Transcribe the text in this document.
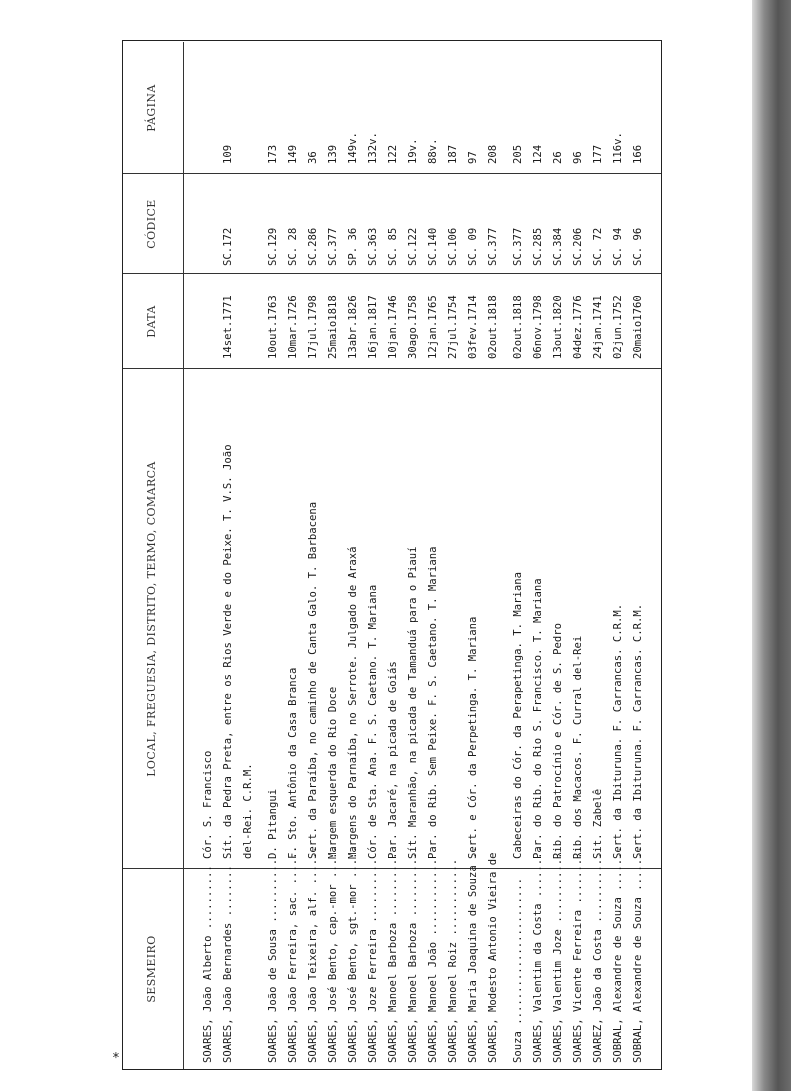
SESMEIRO
LOCAL, FREGUESIA, DISTRITO, TERMO, COMARCA
DATA
CÓDICE
PÁGINA
SOARES, João Alberto ..........
Cór. S. Francisco
SOARES, João Bernardes ........
Sít. da Pedra Preta, entre os Rios Verde e do Peixe. T. V.S. João
14set.1771
SC.172
109
del-Rei. C.R.M.
SOARES, João de Sousa ..........
D. Pitangui
10out.1763
SC.129
173
SOARES, João Ferreira, sac. ......
F. Sto. Antônio da Casa Branca
10mar.1726
SC. 28
149
SOARES, João Teixeira, alf. ......
Sert. da Paraíba, no caminho de Canta Galo. T. Barbacena
17jul.1798
SC.286
36
SOARES, José Bento, cap.-mor .....
Margem esquerda do Rio Doce
25maio1818
SC.377
139
SOARES, José Bento, sgt.-mor .....
Margens do Parnaíba, no Serrote. Julgado de Araxá
13abr.1826
SP. 36
149v.
SOARES, Joze Ferreira ..........
Cór. de Sta. Ana. F. S. Caetano. T. Mariana
16jan.1817
SC.363
132v.
SOARES, Manoel Barboza ..........
Par. Jacaré, na picada de Goiás
10jan.1746
SC. 85
122
SOARES, Manoel Barboza ..........
Sít. Maranhão, na picada de Tamanduá para o Piauí
30ago.1758
SC.122
19v.
SOARES, Manoel João ............
Par. do Rib. Sem Peixe. F. S. Caetano. T. Mariana
12jan.1765
SC.140
88v.
SOARES, Manoel Roiz ............
27jul.1754
SC.106
187
SOARES, Maria Joaquina de Souza ..
Sert. e Cór. da Perpetinga. T. Mariana
03fev.1714
SC. 09
97
SOARES, Modesto Antonio Vieira de
02out.1818
SC.377
208
Souza .......................
Cabeceiras do Cór. da Perapetinga. T. Mariana
02out.1818
SC.377
205
SOARES, Valentim da Costa ........
Par. do Rib. do Rio S. Francisco. T. Mariana
06nov.1798
SC.285
124
SOARES, Valentim Joze ...........
Rib. do Patrocínio e Cór. de S. Pedro
13out.1820
SC.384
26
SOARES, Vicente Ferreira .........
Rib. dos Macacos. F. Curral del-Rei
04dez.1776
SC.206
96
SOAREZ, João da Costa ...........
Sit. Zabelê
24jan.1741
SC. 72
177
SOBRAL, Alexandre de Souza .......
Sert. da Ibituruna. F. Carrancas. C.R.M.
02jun.1752
SC. 94
116v.
SOBRAL, Alexandre de Souza .......
Sert. da Ibituruna. F. Carrancas. C.R.M.
20maio1760
SC. 96
166
*
